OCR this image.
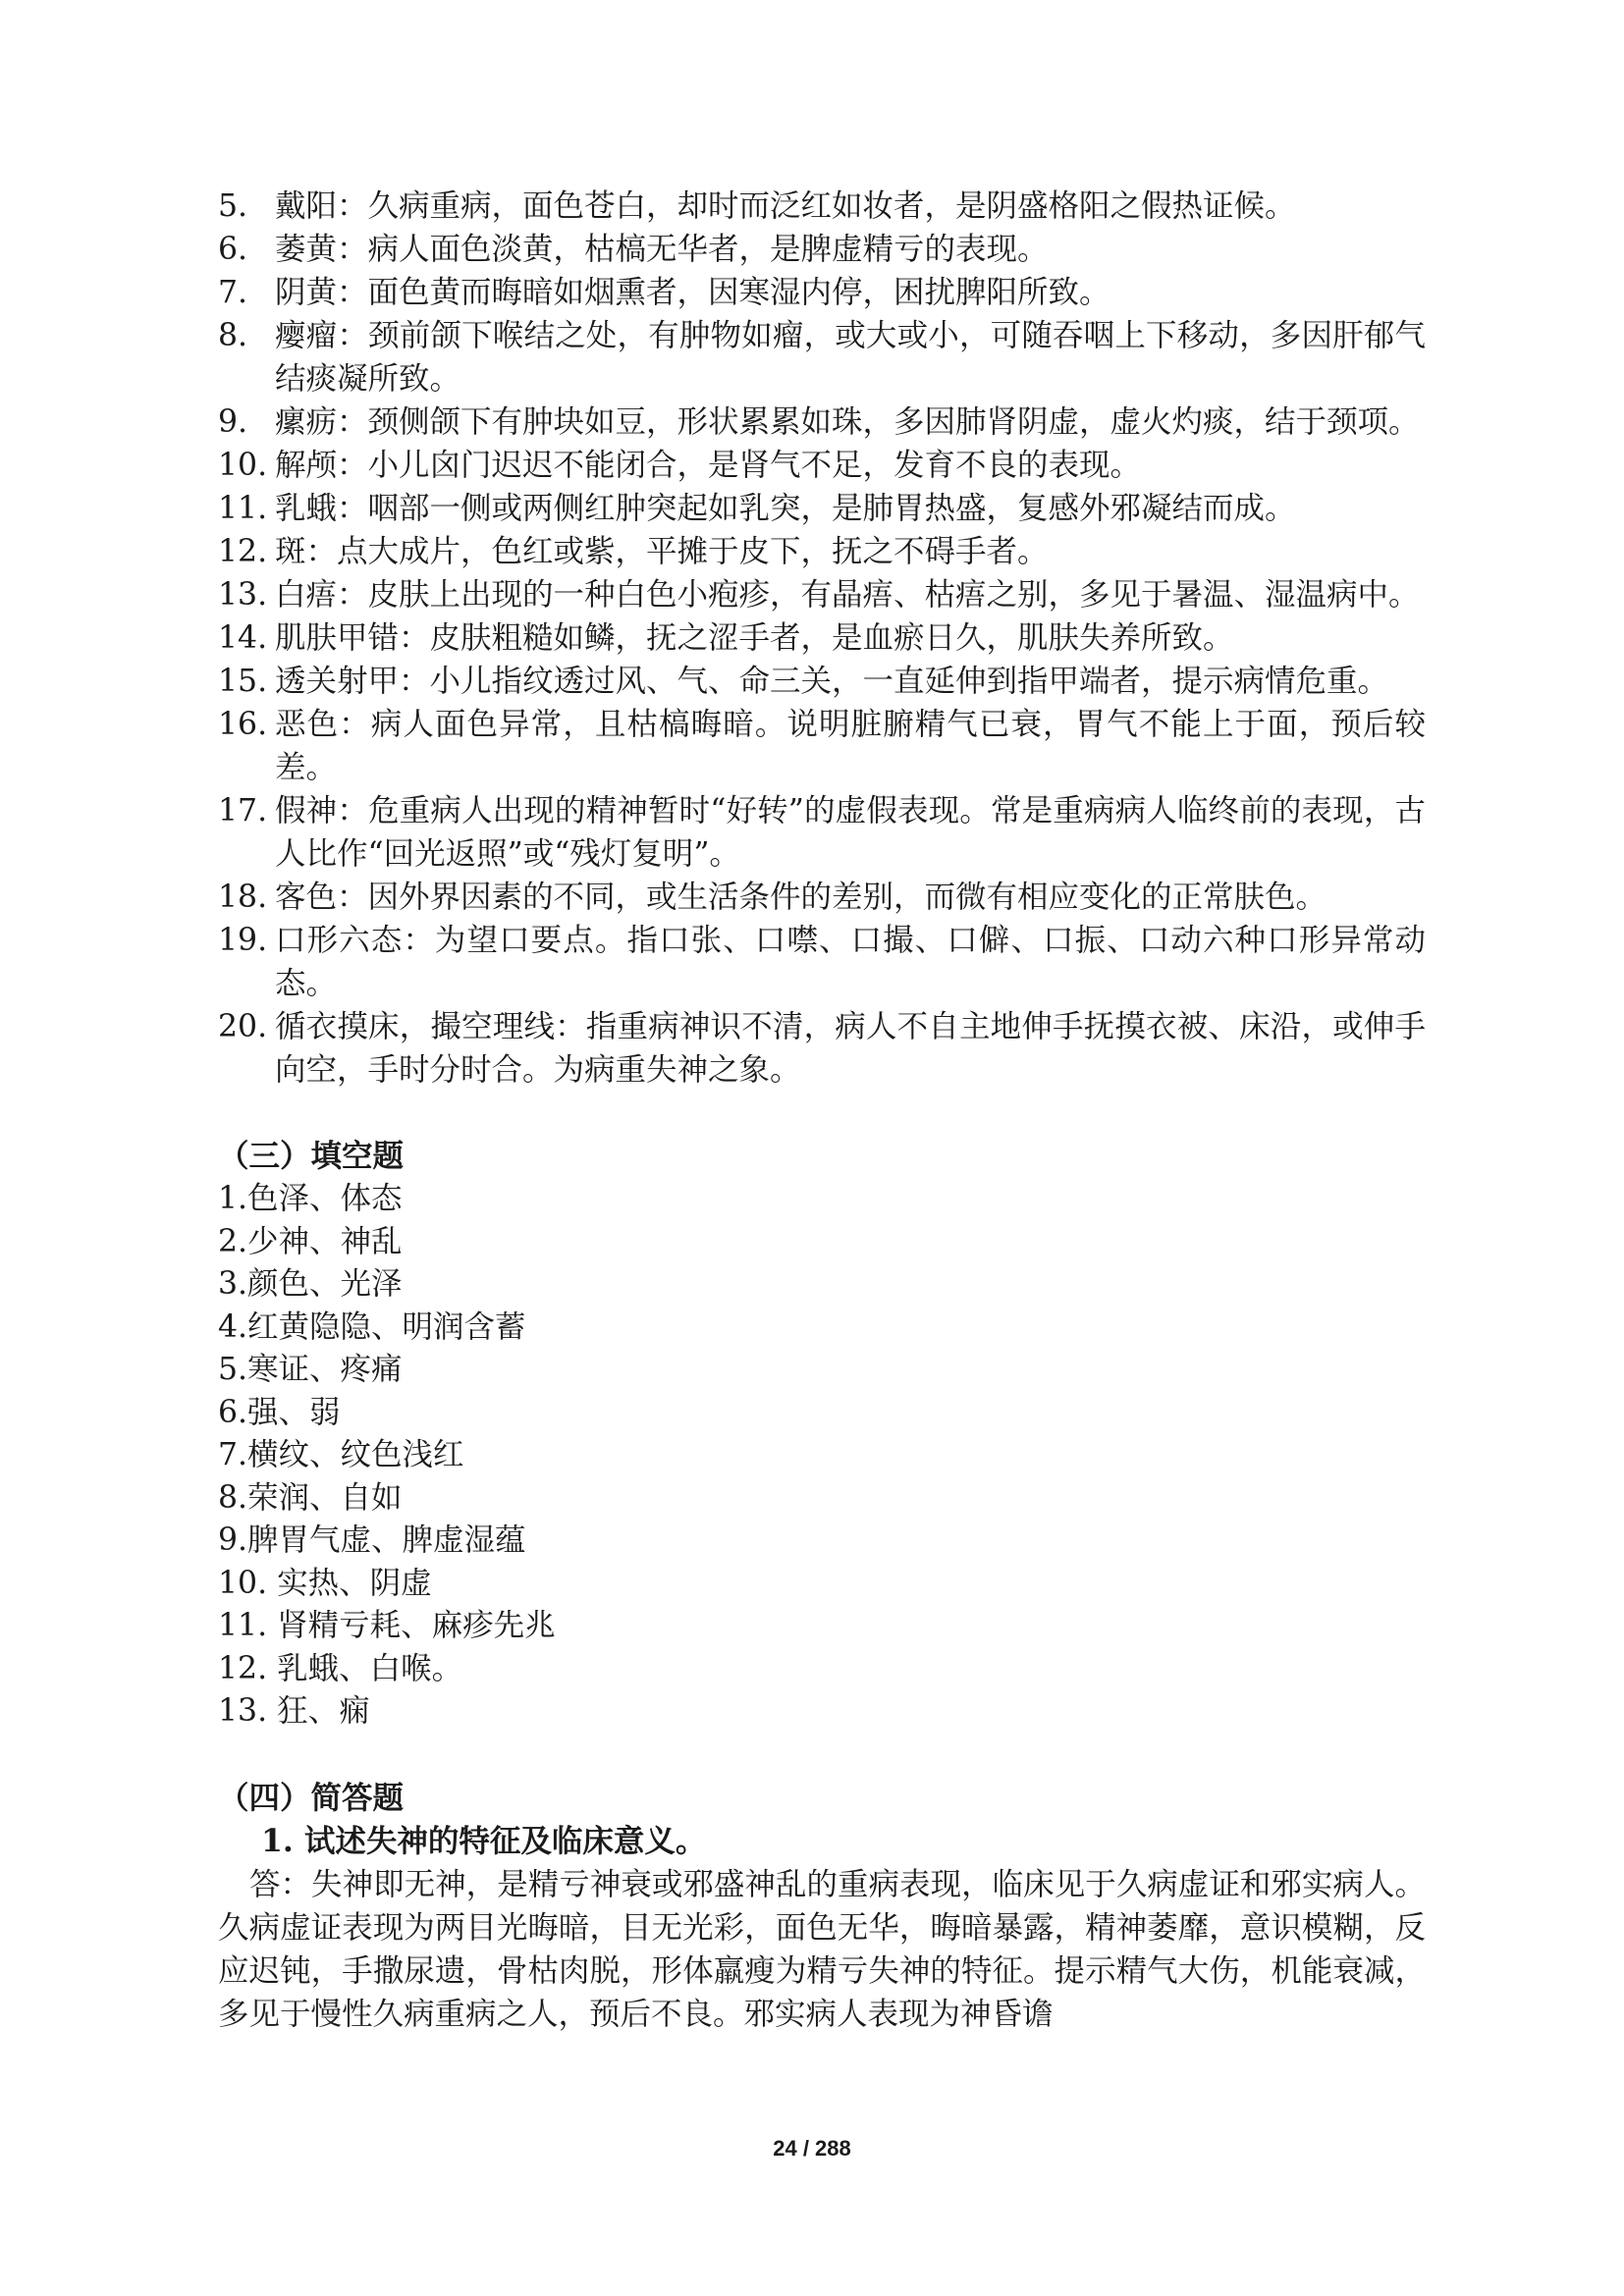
5. 戴阳：久病重病，面色苍白，却时而泛红如妆者，是阴盛格阳之假热证候。
6. 萎黄：病人面色淡黄，枯槁无华者，是脾虚精亏的表现。
7. 阴黄：面色黄而晦暗如烟熏者，因寒湿内停，困扰脾阳所致。
8. 瘿瘤：颈前颌下喉结之处，有肿物如瘤，或大或小，可随吞咽上下移动，多因肝郁气结痰凝所致。
9. 瘰疬：颈侧颌下有肿块如豆，形状累累如珠，多因肺肾阴虚，虚火灼痰，结于颈项。
10. 解颅：小儿囟门迟迟不能闭合，是肾气不足，发育不良的表现。
11. 乳蛾：咽部一侧或两侧红肿突起如乳突，是肺胃热盛，复感外邪凝结而成。
12. 斑：点大成片，色红或紫，平摊于皮下，抚之不碍手者。
13. 白痦：皮肤上出现的一种白色小疱疹，有晶痦、枯痦之别，多见于暑温、湿温病中。
14. 肌肤甲错：皮肤粗糙如鳞，抚之涩手者，是血瘀日久，肌肤失养所致。
15. 透关射甲：小儿指纹透过风、气、命三关，一直延伸到指甲端者，提示病情危重。
16. 恶色：病人面色异常，且枯槁晦暗。说明脏腑精气已衰，胃气不能上于面，预后较差。
17. 假神：危重病人出现的精神暂时“好转”的虚假表现。常是重病病人临终前的表现，古人比作“回光返照”或“残灯复明”。
18. 客色：因外界因素的不同，或生活条件的差别，而微有相应变化的正常肤色。
19. 口形六态：为望口要点。指口张、口噤、口撮、口僻、口振、口动六种口形异常动态。
20. 循衣摸床，撮空理线：指重病神识不清，病人不自主地伸手抚摸衣被、床沿，或伸手向空，手时分时合。为病重失神之象。
（三）填空题
1.色泽、体态
2.少神、神乱
3.颜色、光泽
4.红黄隐隐、明润含蓄
5.寒证、疼痛
6.强、弱
7.横纹、纹色浅红
8.荣润、自如
9.脾胃气虚、脾虚湿蕴
10. 实热、阴虚
11. 肾精亏耗、麻疹先兆
12. 乳蛾、白喉。
13. 狂、痫
（四）简答题
1. 试述失神的特征及临床意义。
答：失神即无神，是精亏神衰或邪盛神乱的重病表现，临床见于久病虚证和邪实病人。久病虚证表现为两目光晦暗，目无光彩，面色无华，晦暗暴露，精神萎靡，意识模糊，反应迟钝，手撒尿遗，骨枯肉脱，形体羸瘦为精亏失神的特征。提示精气大伤，机能衰减，多见于慢性久病重病之人，预后不良。邪实病人表现为神昏谵
24 / 288
